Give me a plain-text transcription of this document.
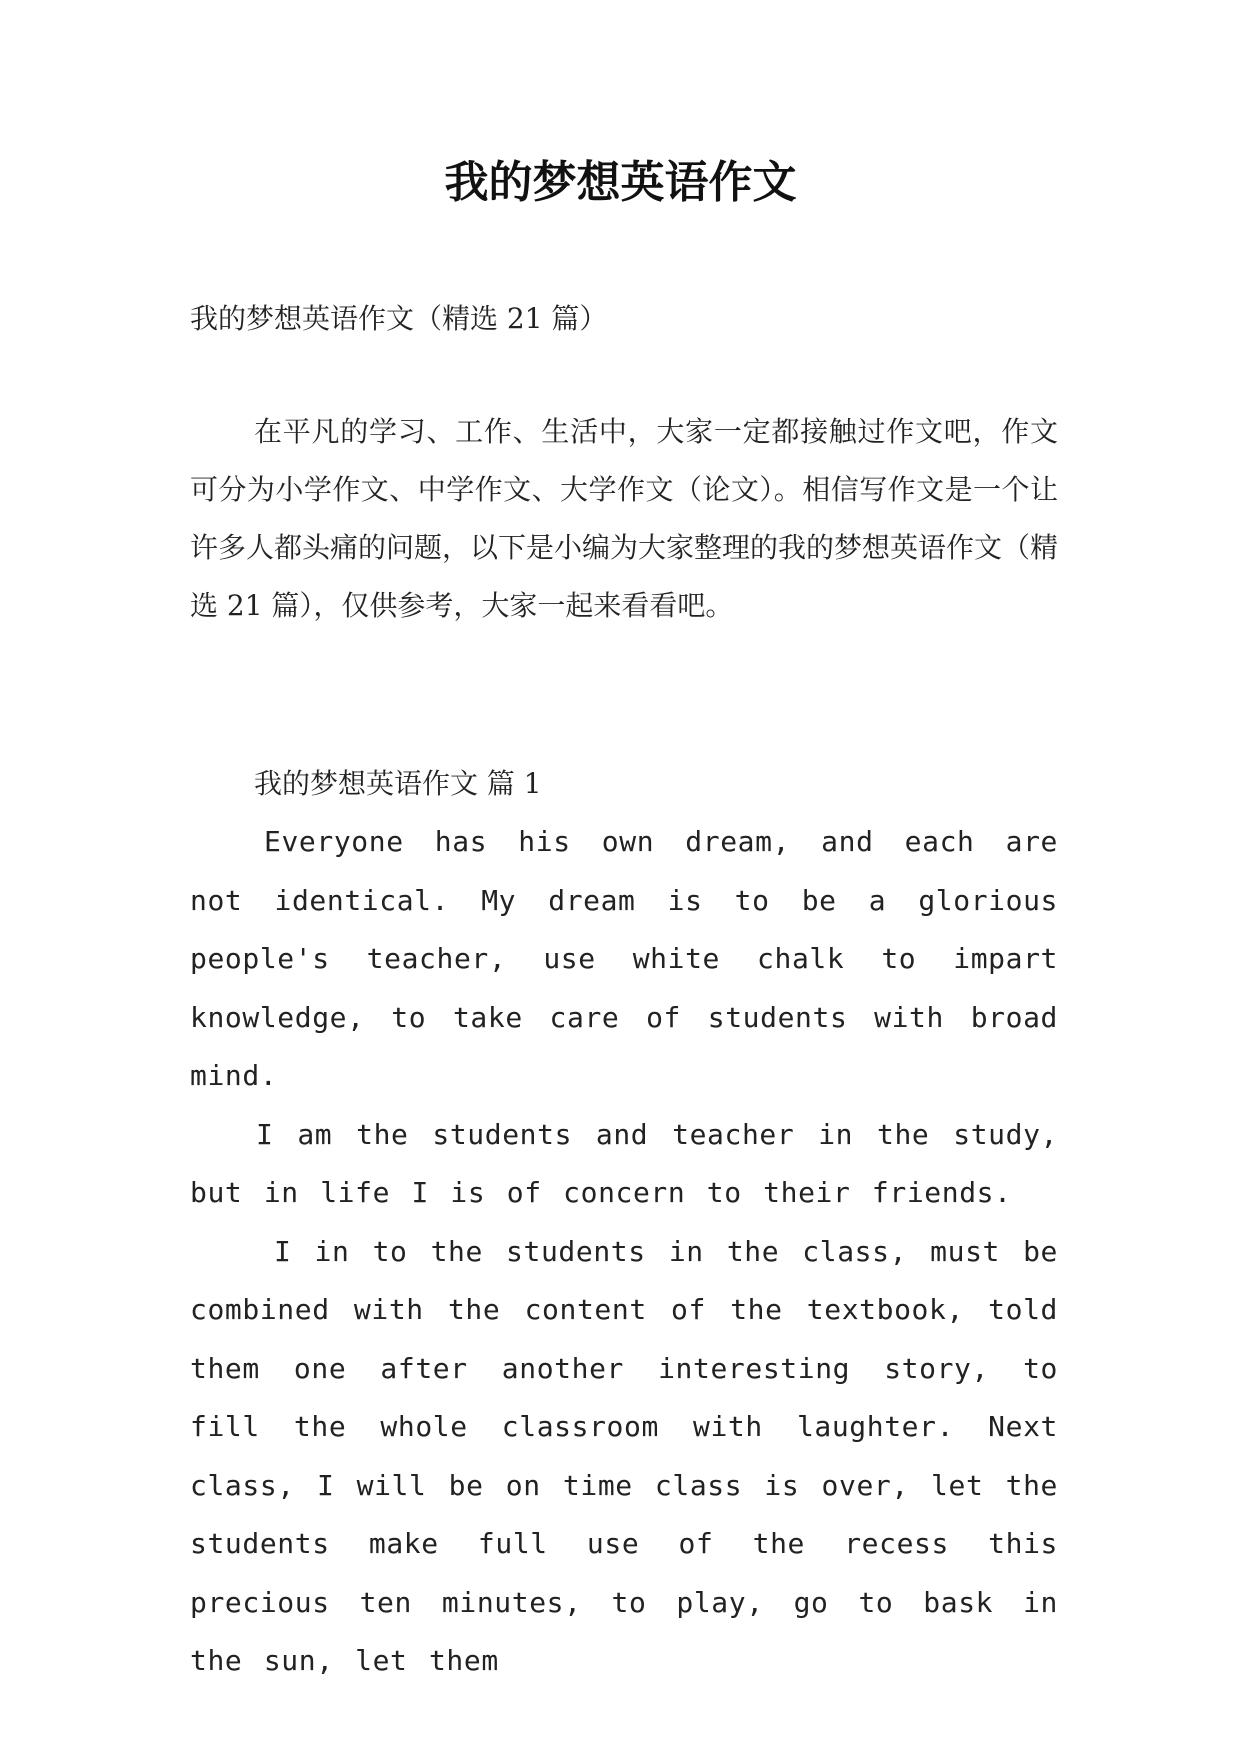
我的梦想英语作文
我的梦想英语作文（精选 21 篇）
在平凡的学习、工作、生活中，大家一定都接触过作文吧，作文可分为小学作文、中学作文、大学作文（论文）。相信写作文是一个让许多人都头痛的问题，以下是小编为大家整理的我的梦想英语作文（精选 21 篇），仅供参考，大家一起来看看吧。
我的梦想英语作文 篇 1

Everyone has his own dream, and each are not identical. My dream is to be a glorious people's teacher, use white chalk to impart knowledge, to take care of students with broad mind.

I am the students and teacher in the study, but in life I is of concern to their friends.

I in to the students in the class, must be combined with the content of the textbook, told them one after another interesting story, to fill the whole classroom with laughter. Next class, I will be on time class is over, let the students make full use of the recess this precious ten minutes, to play, go to bask in the sun, let them
